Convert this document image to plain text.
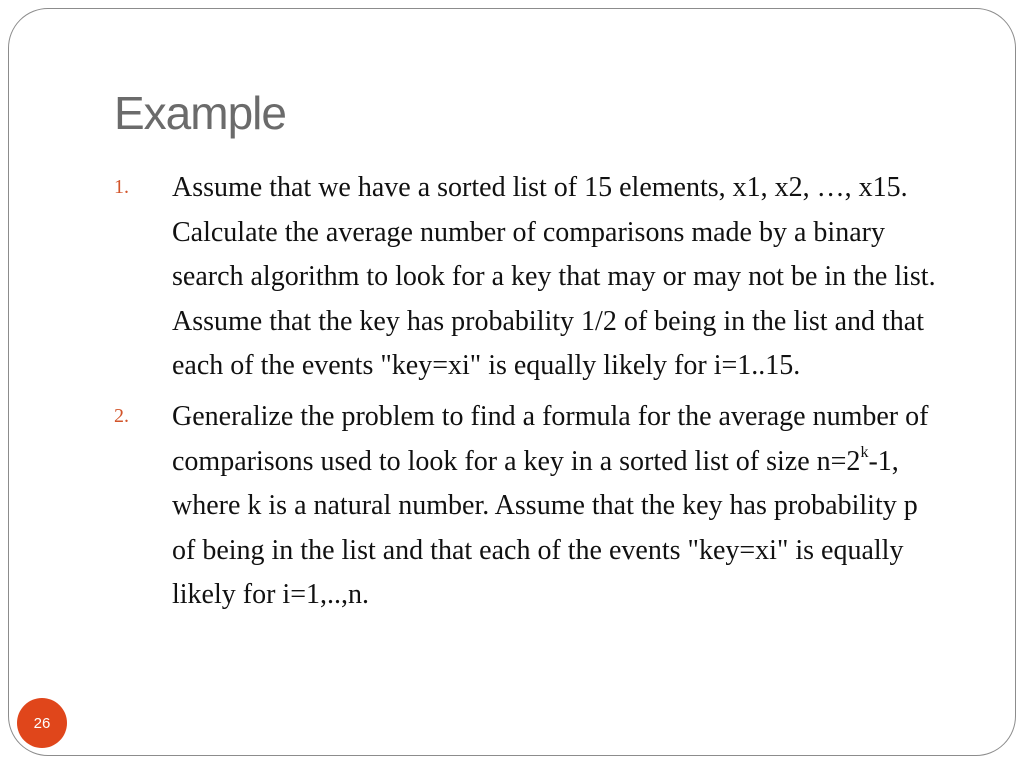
Example
1.	Assume that we have a sorted list of 15 elements, x1, x2, …, x15. Calculate the average number of comparisons made by a binary search algorithm to look for a key that may or may not be in the list. Assume that the key has probability 1/2 of being in the list and that each of the events "key=xi" is equally likely for i=1..15.
2.	Generalize the problem to find a formula for the average number of comparisons used to look for a key in a sorted list of size $n=2^k-1$, where k is a natural number. Assume that the key has probability p of being in the list and that each of the events "key=xi" is equally likely for i=1,..,n.
26
